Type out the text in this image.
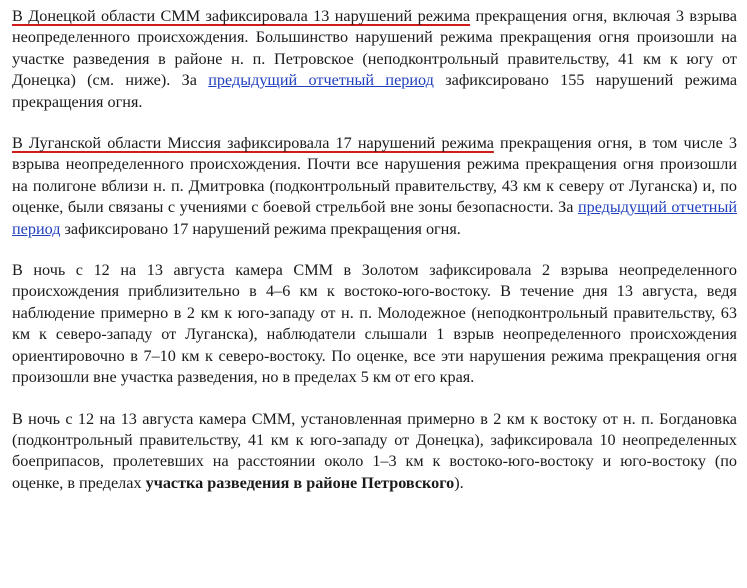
В Донецкой области СММ зафиксировала 13 нарушений режима прекращения огня, включая 3 взрыва неопределенного происхождения. Большинство нарушений режима прекращения огня произошли на участке разведения в районе н. п. Петровское (неподконтрольный правительству, 41 км к югу от Донецка) (см. ниже). За предыдущий отчетный период зафиксировано 155 нарушений режима прекращения огня.

В Луганской области Миссия зафиксировала 17 нарушений режима прекращения огня, в том числе 3 взрыва неопределенного происхождения. Почти все нарушения режима прекращения огня произошли на полигоне вблизи н. п. Дмитровка (подконтрольный правительству, 43 км к северу от Луганска) и, по оценке, были связаны с учениями с боевой стрельбой вне зоны безопасности. За предыдущий отчетный период зафиксировано 17 нарушений режима прекращения огня.

В ночь с 12 на 13 августа камера СММ в Золотом зафиксировала 2 взрыва неопределенного происхождения приблизительно в 4–6 км к востоко-юго-востоку. В течение дня 13 августа, ведя наблюдение примерно в 2 км к юго-западу от н. п. Молодежное (неподконтрольный правительству, 63 км к северо-западу от Луганска), наблюдатели слышали 1 взрыв неопределенного происхождения ориентировочно в 7–10 км к северо-востоку. По оценке, все эти нарушения режима прекращения огня произошли вне участка разведения, но в пределах 5 км от его края.

В ночь с 12 на 13 августа камера СММ, установленная примерно в 2 км к востоку от н. п. Богдановка (подконтрольный правительству, 41 км к юго-западу от Донецка), зафиксировала 10 неопределенных боеприпасов, пролетевших на расстоянии около 1–3 км к востоко-юго-востоку и юго-востоку (по оценке, в пределах участка разведения в районе Петровского).
